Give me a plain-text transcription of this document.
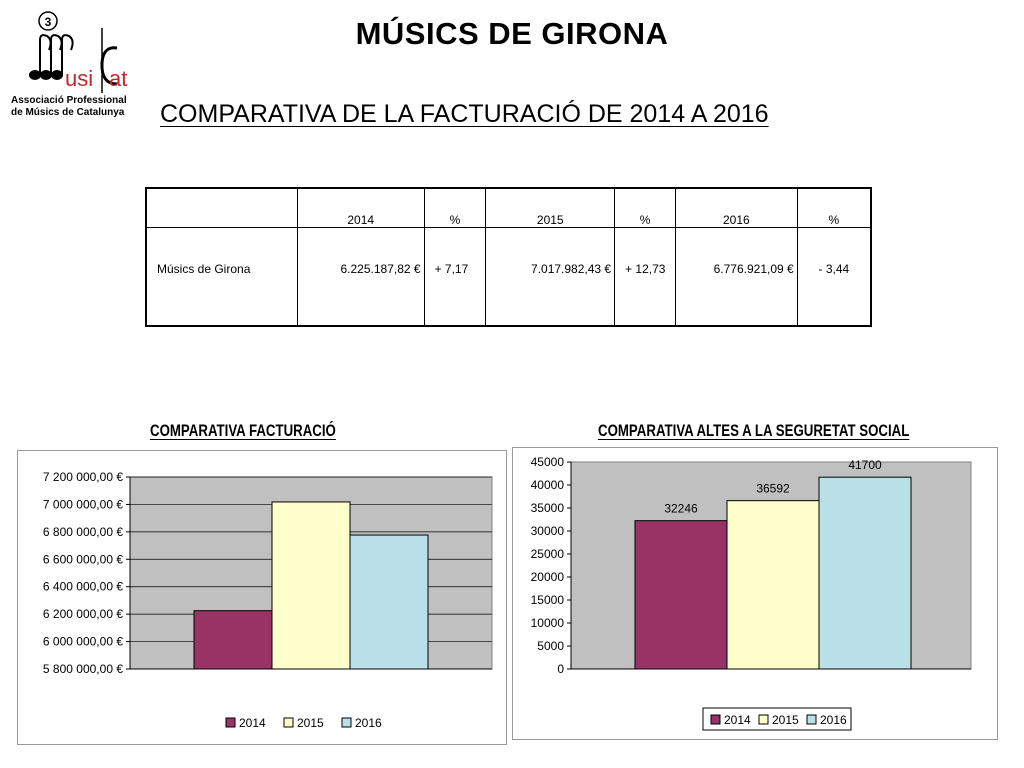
3
usi at
Associació Professional
de Músics de Catalunya
MÚSICS DE GIRONA
COMPARATIVA DE LA FACTURACIÓ DE 2014 A 2016
	2014	%	2015	%	2016	%
Músics de Girona	6.225.187,82 €	+ 7,17	7.017.982,43 €	+ 12,73	6.776.921,09 €	- 3,44
COMPARATIVA FACTURACIÓ	COMPARATIVA ALTES A LA SEGURETAT SOCIAL
5 800 000,00 €
6 000 000,00 €
6 200 000,00 €
6 400 000,00 €
6 600 000,00 €
6 800 000,00 €
7 000 000,00 €
7 200 000,00 €
2014	2015	2016
0
5000
10000
15000
20000
25000
30000
35000
40000
45000
32246
36592
41700
2014 2015 2016
